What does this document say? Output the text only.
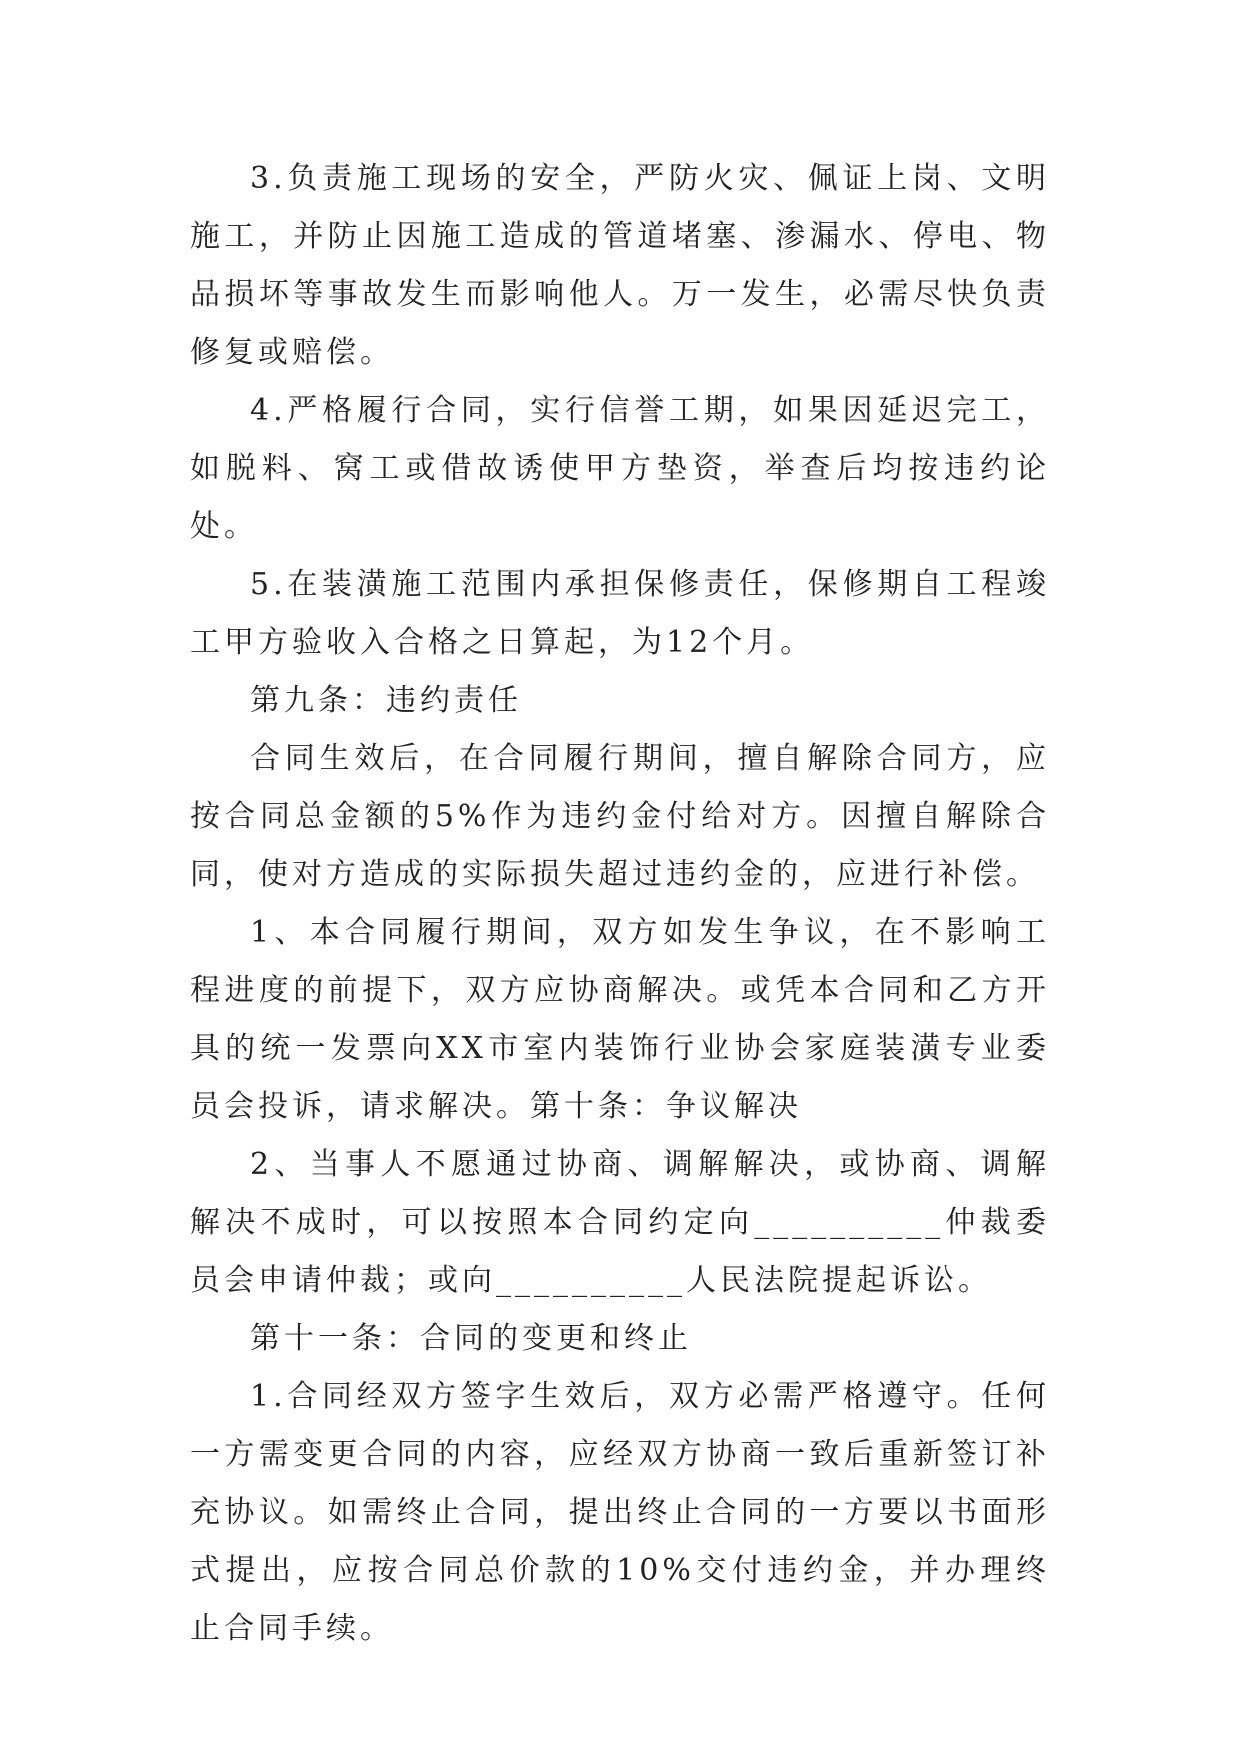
3.负责施工现场的安全，严防火灾、佩证上岗、文明施工，并防止因施工造成的管道堵塞、渗漏水、停电、物品损坏等事故发生而影响他人。万一发生，必需尽快负责修复或赔偿。

4.严格履行合同，实行信誉工期，如果因延迟完工，如脱料、窝工或借故诱使甲方垫资，举查后均按违约论处。

5.在装潢施工范围内承担保修责任，保修期自工程竣工甲方验收入合格之日算起，为12个月。

第九条：违约责任

合同生效后，在合同履行期间，擅自解除合同方，应按合同总金额的5%作为违约金付给对方。因擅自解除合同，使对方造成的实际损失超过违约金的，应进行补偿。

1、本合同履行期间，双方如发生争议，在不影响工程进度的前提下，双方应协商解决。或凭本合同和乙方开具的统一发票向XX市室内装饰行业协会家庭装潢专业委员会投诉，请求解决。第十条：争议解决

2、当事人不愿通过协商、调解解决，或协商、调解解决不成时，可以按照本合同约定向__________仲裁委员会申请仲裁；或向__________人民法院提起诉讼。

第十一条：合同的变更和终止

1.合同经双方签字生效后，双方必需严格遵守。任何一方需变更合同的内容，应经双方协商一致后重新签订补充协议。如需终止合同，提出终止合同的一方要以书面形式提出，应按合同总价款的10%交付违约金，并办理终止合同手续。
